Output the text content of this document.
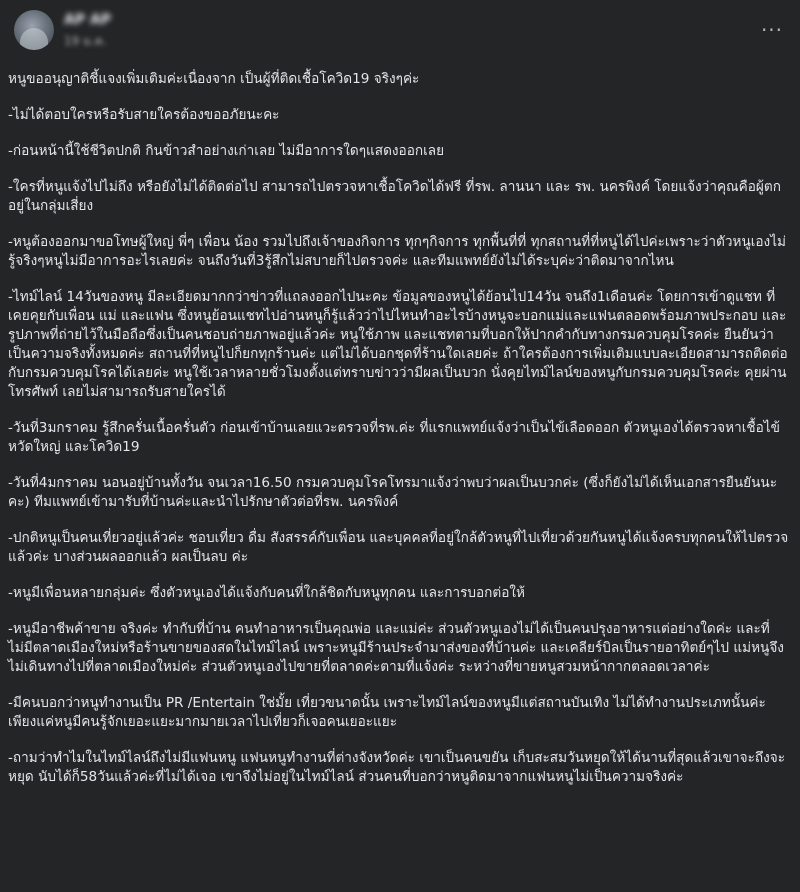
AP AP
19 ม.ค.	···

หนูขออนุญาติชี้แจงเพิ่มเติมค่ะเนื่องจาก เป็นผู้ที่ติดเชื้อโควิด19 จริงๆค่ะ

-ไม่ได้ตอบใครหรือรับสายใครต้องขออภัยนะคะ

-ก่อนหน้านี้ใช้ชีวิตปกติ กินข้าวสำอย่างเก่าเลย ไม่มีอาการใดๆแสดงออกเลย

-ใครที่หนูแจ้งไปไม่ถึง หรือยังไม่ได้ติดต่อไป สามารถไปตรวจหาเชื้อโควิดได้ฟรี ที่รพ. ลานนา และ รพ. นครพิงค์ โดยแจ้งว่าคุณคือผู้ตกอยู่ในกลุ่มเสี่ยง

-หนูต้องออกมาขอโทษผู้ใหญ่ พี่ๆ เพื่อน น้อง รวมไปถึงเจ้าของกิจการ ทุกๆกิจการ ทุกพื้นที่ที่ ทุกสถานที่ที่หนูได้ไปค่ะเพราะว่าตัวหนูเองไม่รู้จริงๆหนูไม่มีอาการอะไรเลยค่ะ จนถึงวันที่3รู้สึกไม่สบายก็ไปตรวจค่ะ และทีมแพทย์ยังไม่ได้ระบุค่ะว่าติดมาจากไหน

-ไทม์ไลน์ 14วันของหนู มีละเอียดมากกว่าข่าวที่แถลงออกไปนะคะ ข้อมูลของหนูได้ย้อนไป14วัน จนถึง1เดือนค่ะ โดยการเข้าดูแชท ที่เคยคุยกับเพื่อน แม่ และแฟน ซึ่งหนูย้อนแชทไปอ่านหนูก็รู้แล้วว่าไปไหนทำอะไรบ้างหนูจะบอกแม่และแฟนตลอดพร้อมภาพประกอบ และรูปภาพที่ถ่ายไว้ในมือถือซึ่งเป็นคนชอบถ่ายภาพอยู่แล้วค่ะ หนูใช้ภาพ และแชทตามที่บอกให้ปากคำกับทางกรมควบคุมโรคค่ะ ยืนยันว่าเป็นความจริงทั้งหมดค่ะ สถานที่ที่หนูไปก็ยกทุกร้านค่ะ แต่ไม่ได้บอกชุดที่ร้านใดเลยค่ะ ถ้าใครต้องการเพิ่มเติมแบบละเอียดสามารถติดต่อกับกรมควบคุมโรคได้เลยค่ะ หนูใช้เวลาหลายชั่วโมงตั้งแต่ทราบข่าวว่ามีผลเป็นบวก นั่งคุยไทม์ไลน์ของหนูกับกรมควบคุมโรคค่ะ คุยผ่านโทรศัพท์ เลยไม่สามารถรับสายใครได้

-วันที่3มกราคม รู้สึกครั่นเนื้อครั่นตัว ก่อนเข้าบ้านเลยแวะตรวจที่รพ.ค่ะ ที่แรกแพทย์แจ้งว่าเป็นไข้เลือดออก ตัวหนูเองได้ตรวจหาเชื้อไข้หวัดใหญ่ และโควิด19

-วันที่4มกราคม นอนอยู่บ้านทั้งวัน จนเวลา16.50 กรมควบคุมโรคโทรมาแจ้งว่าพบว่าผลเป็นบวกค่ะ (ซึ่งก็ยังไม่ได้เห็นเอกสารยืนยันนะคะ) ทีมแพทย์เข้ามารับที่บ้านค่ะและนำไปรักษาตัวต่อที่รพ. นครพิงค์

-ปกติหนูเป็นคนเที่ยวอยู่แล้วค่ะ ชอบเที่ยว ดื่ม สังสรรค์กับเพื่อน และบุคคลที่อยู่ใกล้ตัวหนูที่ไปเที่ยวด้วยกันหนูได้แจ้งครบทุกคนให้ไปตรวจแล้วค่ะ บางส่วนผลออกแล้ว ผลเป็นลบ ค่ะ

-หนูมีเพื่อนหลายกลุ่มค่ะ ซึ่งตัวหนูเองได้แจ้งกับคนที่ใกล้ชิดกับหนูทุกคน และการบอกต่อให้

-หนูมีอาชีพค้าขาย จริงค่ะ ทำกับที่บ้าน คนทำอาหารเป็นคุณพ่อ และแม่ค่ะ ส่วนตัวหนูเองไม่ได้เป็นคนปรุงอาหารแต่อย่างใดค่ะ และที่ไม่มีตลาดเมืองใหม่หรือร้านขายของสดในไทม์ไลน์ เพราะหนูมีร้านประจำมาส่งของที่บ้านค่ะ และเคลียร์บิลเป็นรายอาทิตย์ๆไป แม่หนูจึงไม่เดินทางไปที่ตลาดเมืองใหม่ค่ะ ส่วนตัวหนูเองไปขายที่ตลาดค่ะตามที่แจ้งค่ะ ระหว่างที่ขายหนูสวมหน้ากากตลอดเวลาค่ะ

-มีคนบอกว่าหนูทำงานเป็น PR /Entertain ใช่มั้ย เที่ยวขนาดนั้น เพราะไทม์ไลน์ของหนูมีแต่สถานบันเทิง ไม่ได้ทำงานประเภทนั้นค่ะ เพียงแค่หนูมีคนรู้จักเยอะแยะมากมายเวลาไปเที่ยวก็เจอคนเยอะแยะ

-ถามว่าทำไมในไทม์ไลน์ถึงไม่มีแฟนหนู แฟนหนูทำงานที่ต่างจังหวัดค่ะ เขาเป็นคนขยัน เก็บสะสมวันหยุดให้ได้นานที่สุดแล้วเขาจะถึงจะหยุด นับได้ก็58วันแล้วค่ะที่ไม่ได้เจอ เขาจึงไม่อยู่ในไทม์ไลน์ ส่วนคนที่บอกว่าหนูติดมาจากแฟนหนูไม่เป็นความจริงค่ะ
